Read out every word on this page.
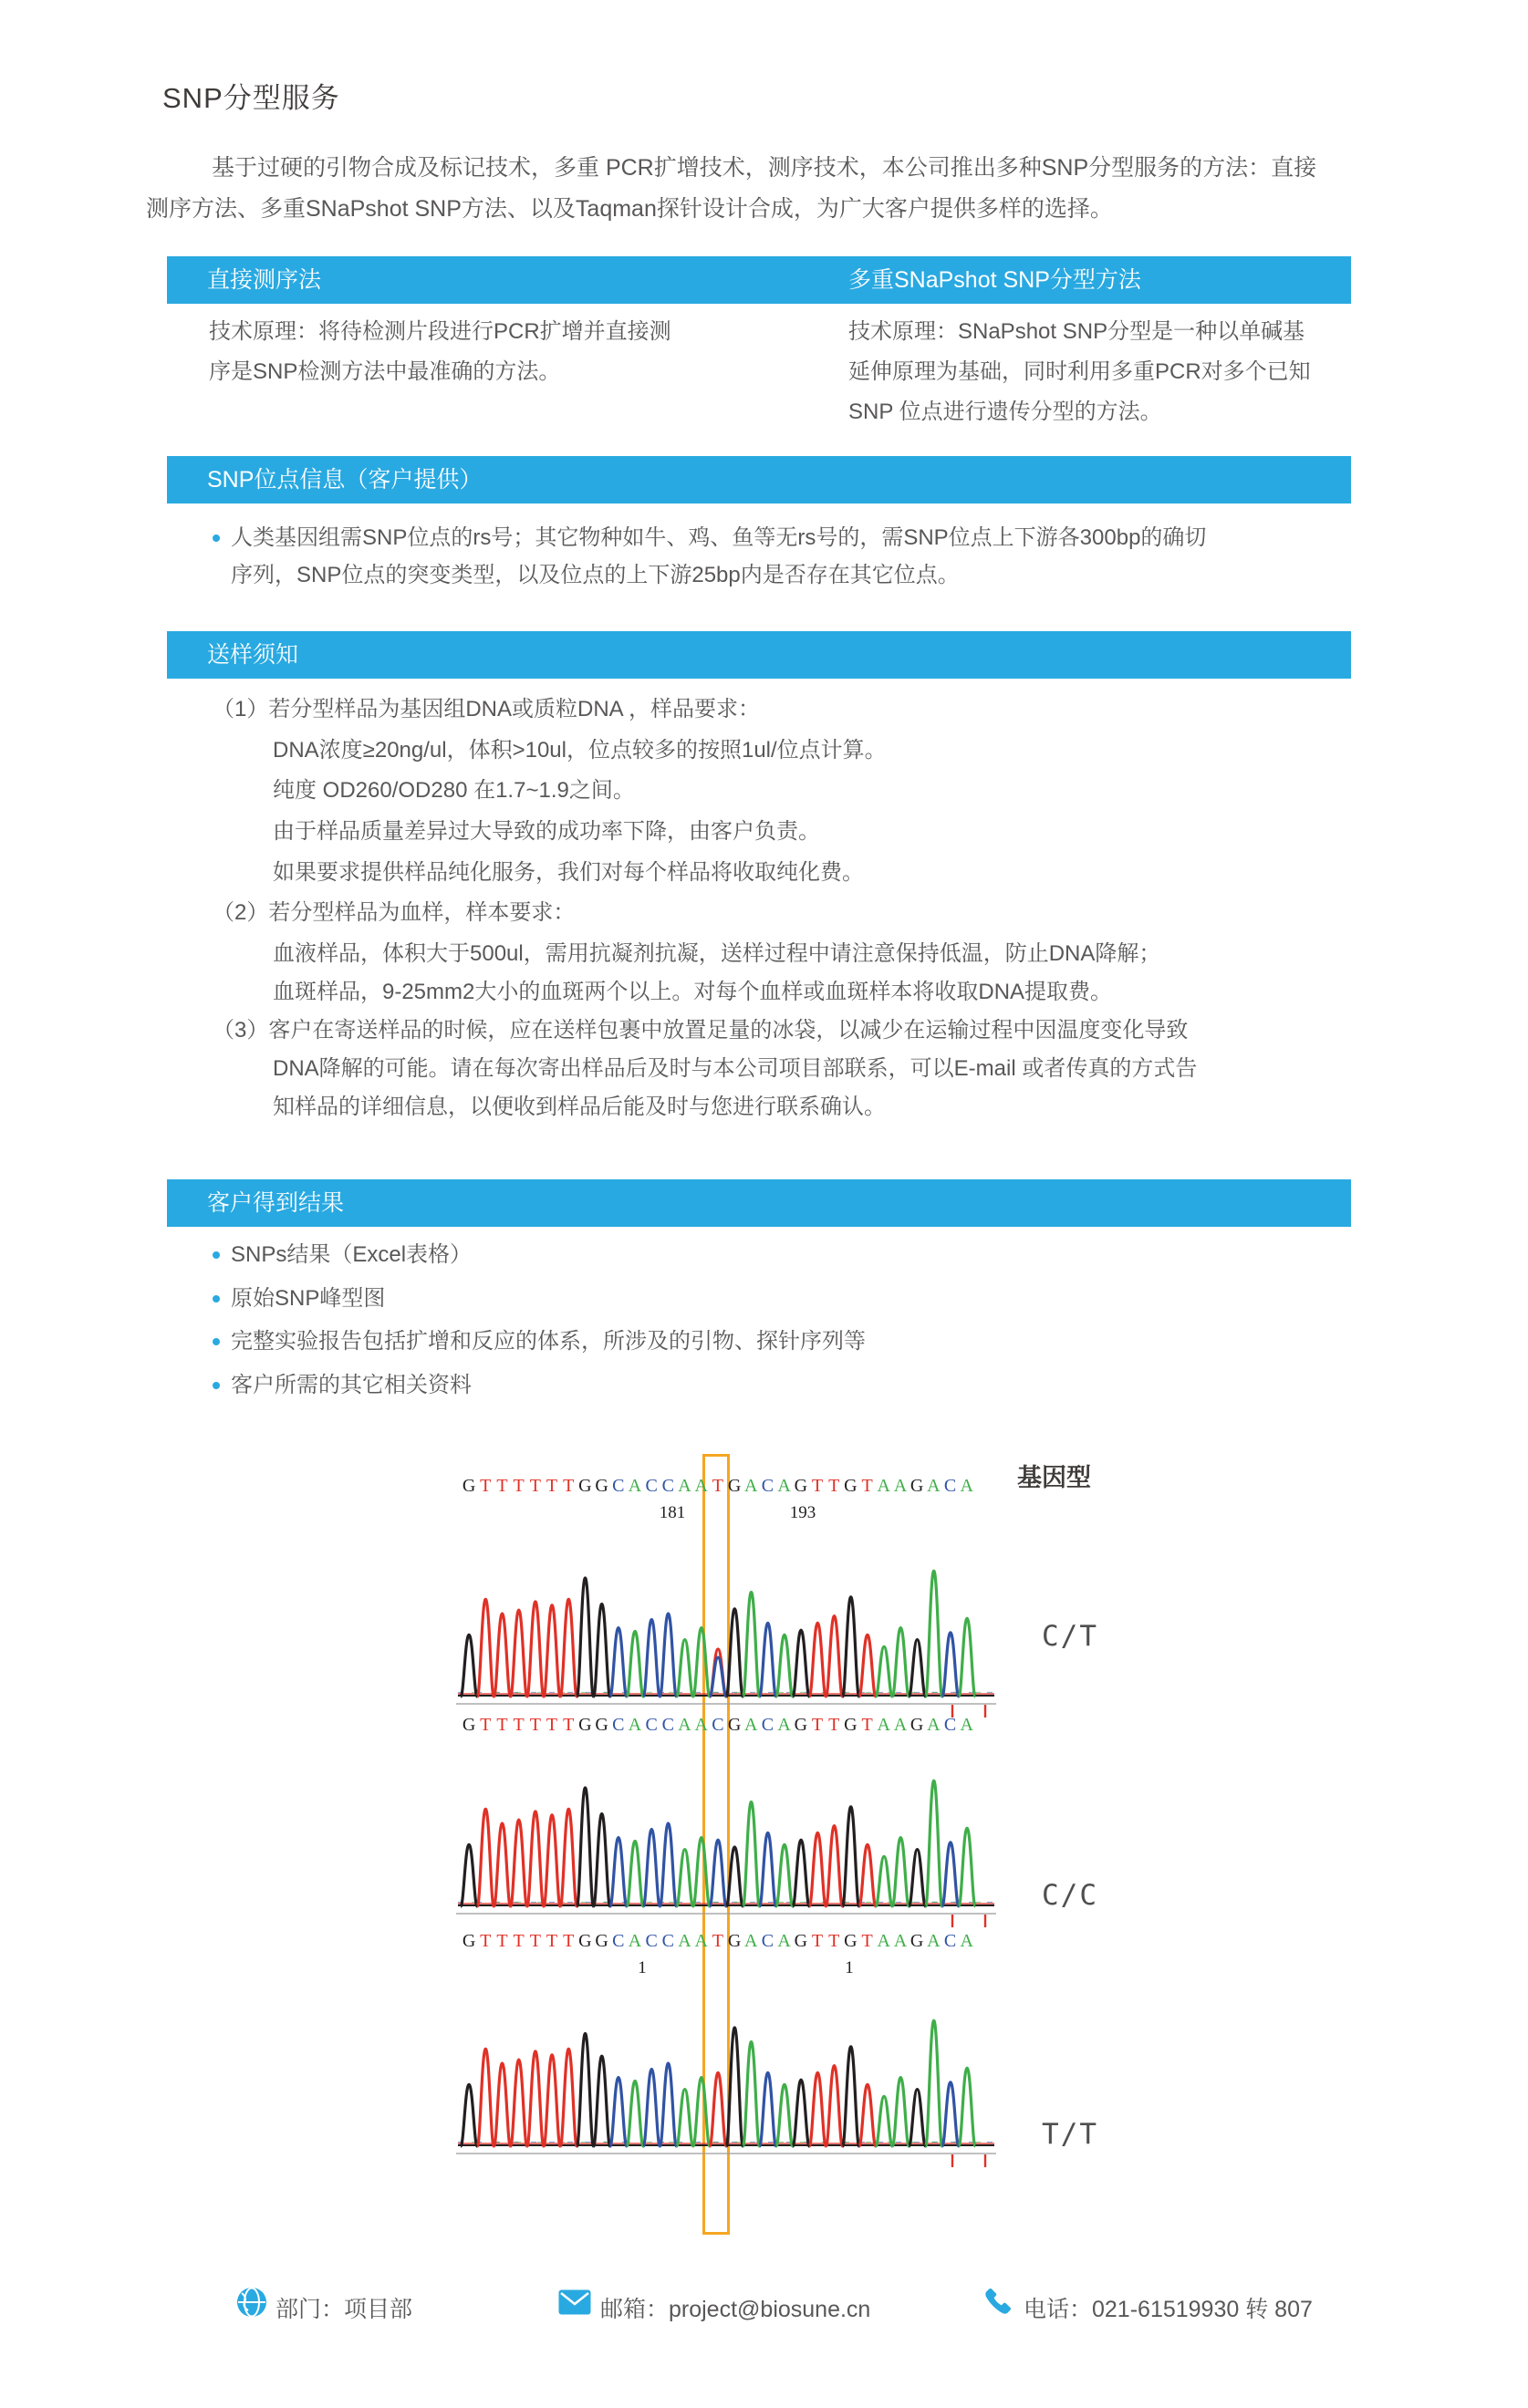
SNP分型服务
基于过硬的引物合成及标记技术，多重 PCR扩增技术，测序技术，本公司推出多种SNP分型服务的方法：直接
测序方法、多重SNaPshot SNP方法、以及Taqman探针设计合成，为广大客户提供多样的选择。
直接测序法	多重SNaPshot SNP分型方法
技术原理：将待检测片段进行PCR扩增并直接测
序是SNP检测方法中最准确的方法。
技术原理：SNaPshot SNP分型是一种以单碱基
延伸原理为基础，同时利用多重PCR对多个已知
SNP 位点进行遗传分型的方法。
SNP位点信息（客户提供）
人类基因组需SNP位点的rs号；其它物种如牛、鸡、鱼等无rs号的，需SNP位点上下游各300bp的确切
序列，SNP位点的突变类型，以及位点的上下游25bp内是否存在其它位点。
送样须知
（1）若分型样品为基因组DNA或质粒DNA ，样品要求：
DNA浓度≥20ng/ul，体积>10ul，位点较多的按照1ul/位点计算。
纯度 OD260/OD280 在1.7~1.9之间。
由于样品质量差异过大导致的成功率下降，由客户负责。
如果要求提供样品纯化服务，我们对每个样品将收取纯化费。
（2）若分型样品为血样，样本要求：
血液样品，体积大于500ul，需用抗凝剂抗凝，送样过程中请注意保持低温，防止DNA降解；
血斑样品，9-25mm2大小的血斑两个以上。对每个血样或血斑样本将收取DNA提取费。
（3）客户在寄送样品的时候，应在送样包裹中放置足量的冰袋，以减少在运输过程中因温度变化导致
DNA降解的可能。请在每次寄出样品后及时与本公司项目部联系，可以E-mail 或者传真的方式告
知样品的详细信息，以便收到样品后能及时与您进行联系确认。
客户得到结果
SNPs结果（Excel表格）
原始SNP峰型图
完整实验报告包括扩增和反应的体系，所涉及的引物、探针序列等
客户所需的其它相关资料
基因型
G T T T T T T G G C A C C A A T G A C A G T T G T A A G A C A
181	193
G T T T T T T G G C A C C A A C G A C A G T T G T A A G A C A
C/T
G T T T T T T G G C A C C A A T G A C A G T T G T A A G A C A
1	1
C/C
T/T
部门：项目部	邮箱：project@biosune.cn	电话：021-61519930 转 807
